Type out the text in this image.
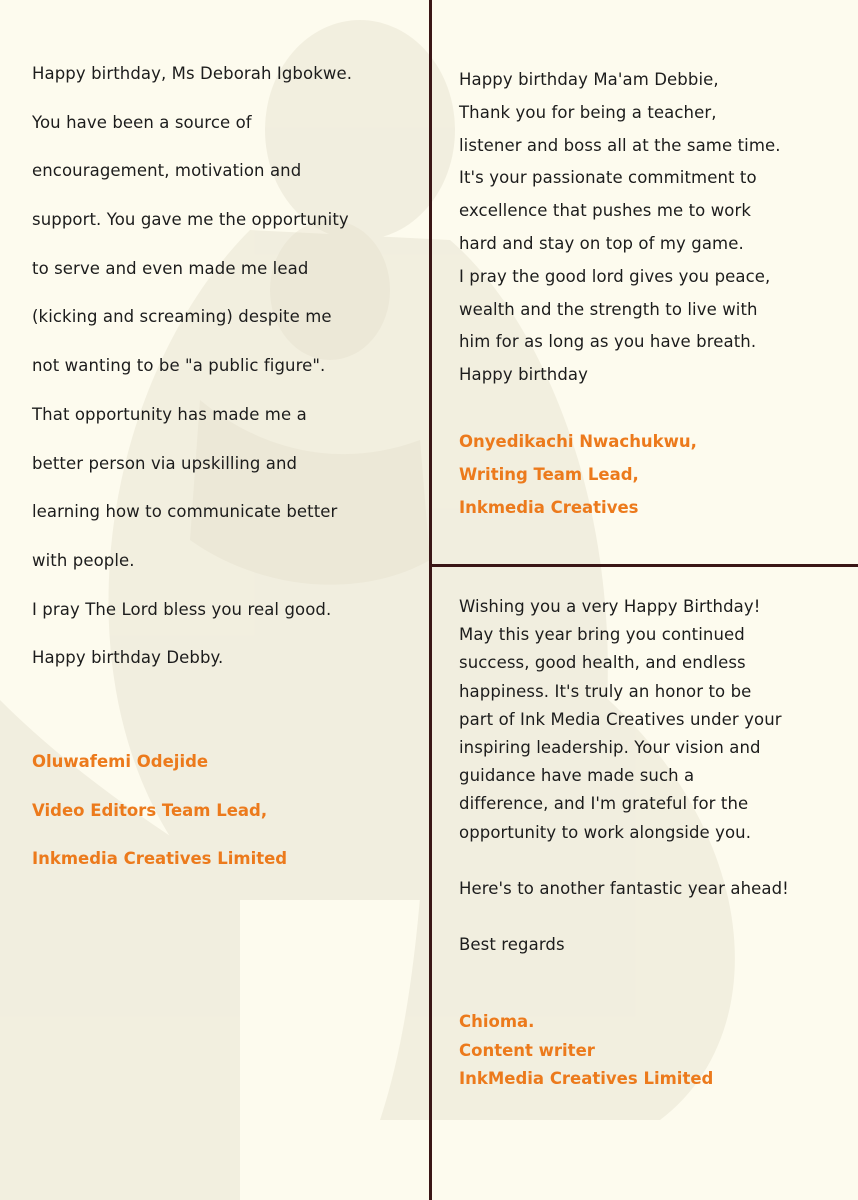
Happy birthday, Ms Deborah Igbokwe.

You have been a source of

encouragement, motivation and

support. You gave me the opportunity

to serve and even made me lead

(kicking and screaming) despite me

not wanting to be "a public figure".

That opportunity has made me a

better person via upskilling and

learning how to communicate better

with people.

I pray The Lord bless you real good.

Happy birthday Debby.

Oluwafemi Odejide

Video Editors Team Lead,

Inkmedia Creatives Limited

Happy birthday Ma'am Debbie,

Thank you for being a teacher,

listener and boss all at the same time.

It's your passionate commitment to

excellence that pushes me to work

hard and stay on top of my game.

I pray the good lord gives you peace,

wealth and the strength to live with

him for as long as you have breath.

Happy birthday

Onyedikachi Nwachukwu,

Writing Team Lead,

Inkmedia Creatives

Wishing you a very Happy Birthday!

May this year bring you continued

success, good health, and endless

happiness. It's truly an honor to be

part of Ink Media Creatives under your

inspiring leadership. Your vision and

guidance have made such a

difference, and I'm grateful for the

opportunity to work alongside you.

Here's to another fantastic year ahead!

Best regards

Chioma.

Content writer

InkMedia Creatives Limited
